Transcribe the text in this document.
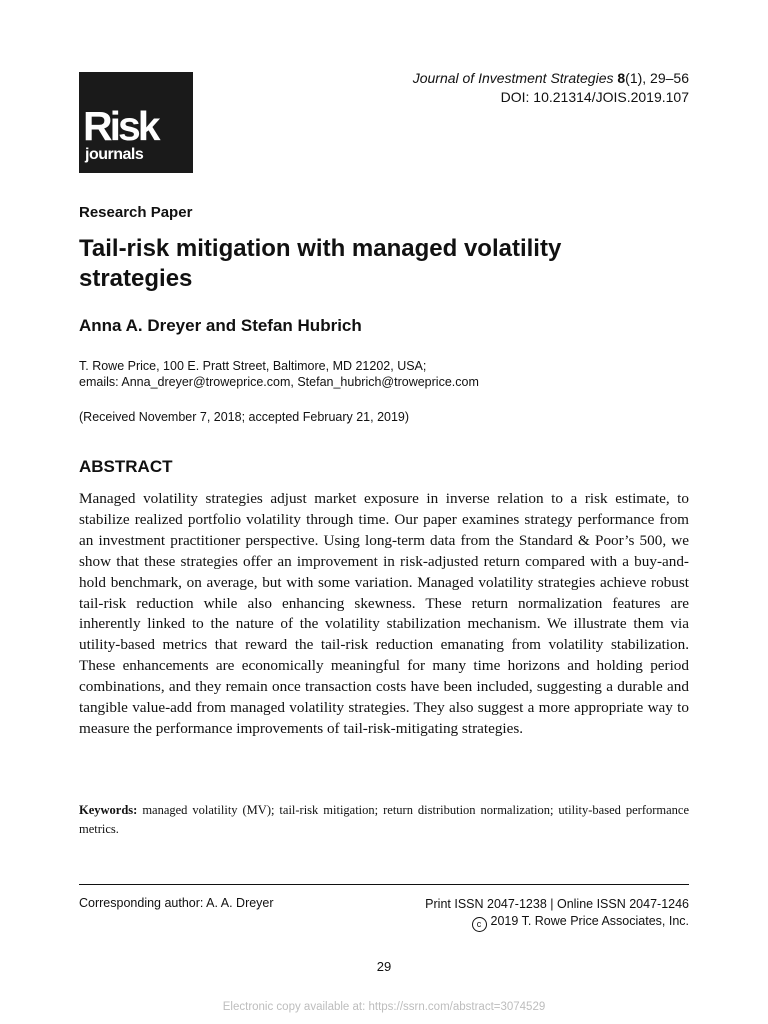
Risk
journals
Journal of Investment Strategies 8(1), 29–56
DOI: 10.21314/JOIS.2019.107
Research Paper
Tail-risk mitigation with managed volatility strategies
Anna A. Dreyer and Stefan Hubrich
T. Rowe Price, 100 E. Pratt Street, Baltimore, MD 21202, USA;
emails: Anna_dreyer@troweprice.com, Stefan_hubrich@troweprice.com
(Received November 7, 2018; accepted February 21, 2019)
ABSTRACT
Managed volatility strategies adjust market exposure in inverse relation to a risk estimate, to stabilize realized portfolio volatility through time. Our paper examines strategy performance from an investment practitioner perspective. Using long-term data from the Standard & Poor’s 500, we show that these strategies offer an improvement in risk-adjusted return compared with a buy-and-hold benchmark, on average, but with some variation. Managed volatility strategies achieve robust tail-risk reduction while also enhancing skewness. These return normalization features are inherently linked to the nature of the volatility stabilization mechanism. We illustrate them via utility-based metrics that reward the tail-risk reduction emanating from volatility stabilization. These enhancements are economically meaningful for many time horizons and holding period combinations, and they remain once transaction costs have been included, suggesting a durable and tangible value-add from managed volatility strategies. They also suggest a more appropriate way to measure the performance improvements of tail-risk-mitigating strategies.
Keywords: managed volatility (MV); tail-risk mitigation; return distribution normalization; utility-based performance metrics.
Corresponding author: A. A. Dreyer	Print ISSN 2047-1238 | Online ISSN 2047-1246
c 2019 T. Rowe Price Associates, Inc.
29
Electronic copy available at: https://ssrn.com/abstract=3074529
